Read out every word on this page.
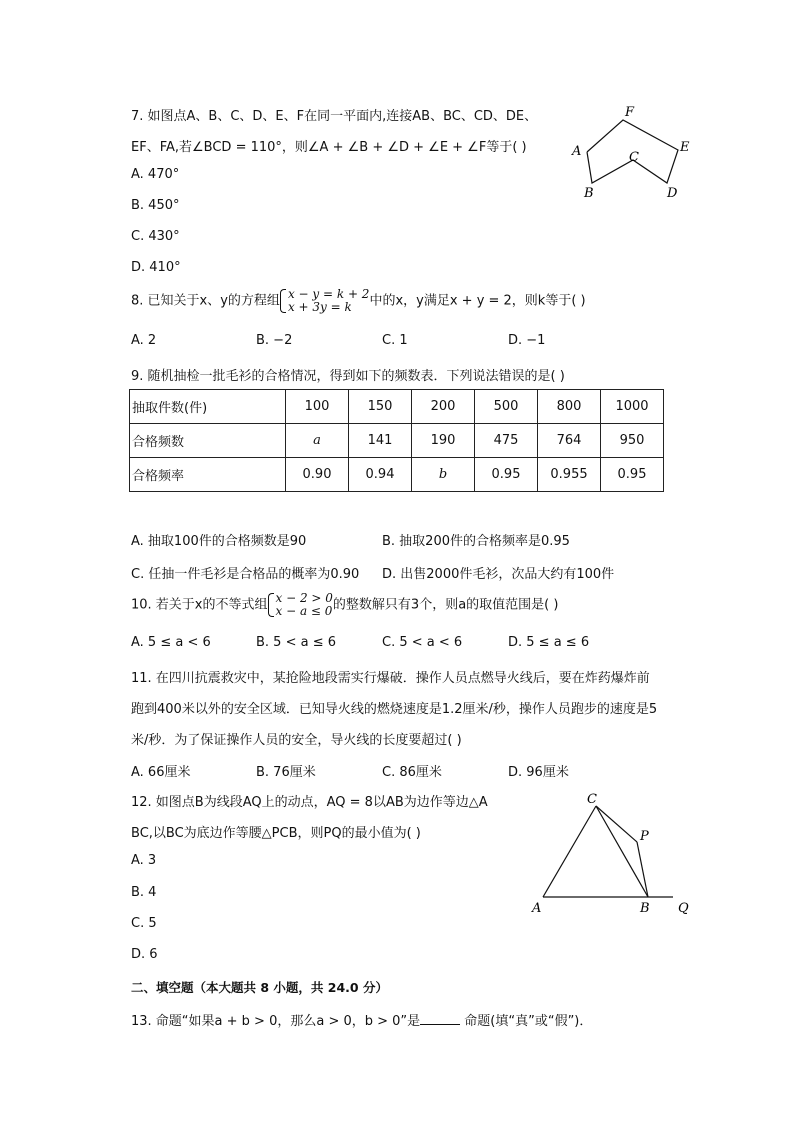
7. 如图点A、B、C、D、E、F在同一平面内,连接AB、BC、CD、DE、
EF、FA,若∠BCD = 110°，则∠A + ∠B + ∠D + ∠E + ∠F等于( )
A. 470°
B. 450°
C. 430°
D. 410°
F
A	C
E
B	D
8. 已知关于x、y的方程组 x − y = k + 2
x + 3y = k 中的x，y满足x + y = 2，则k等于( )
A. 2	B. −2	C. 1	D. −1
9. 随机抽检一批毛衫的合格情况，得到如下的频数表．下列说法错误的是( )
抽取件数(件)	100	150	200	500	800	1000
合格频数	a	141	190	475	764	950
合格频率	0.90	0.94	b	0.95	0.955	0.95
A. 抽取100件的合格频数是90	B. 抽取200件的合格频率是0.95
C. 任抽一件毛衫是合格品的概率为0.90 D. 出售2000件毛衫，次品大约有100件
10. 若关于x的不等式组 x − 2 > 0
x − a ≤ 0的整数解只有3个，则a的取值范围是( )
A. 5 ≤ a < 6	B. 5 < a ≤ 6	C. 5 < a < 6	D. 5 ≤ a ≤ 6
11. 在四川抗震救灾中，某抢险地段需实行爆破．操作人员点燃导火线后，要在炸药爆炸前
跑到400米以外的安全区域．已知导火线的燃烧速度是1.2厘米/秒，操作人员跑步的速度是5
米/秒．为了保证操作人员的安全，导火线的长度要超过( )
A. 66厘米	B. 76厘米	C. 86厘米	D. 96厘米
12. 如图点B为线段AQ上的动点，AQ = 8以AB为边作等边△A
BC,以BC为底边作等腰△PCB，则PQ的最小值为( )
A. 3
B. 4
C. 5
D. 6
C
P
A	B Q
二、填空题（本大题共 8 小题，共 24.0 分）
13. 命题“如果a + b > 0，那么a > 0，b > 0”是	命题(填“真”或“假”)．
